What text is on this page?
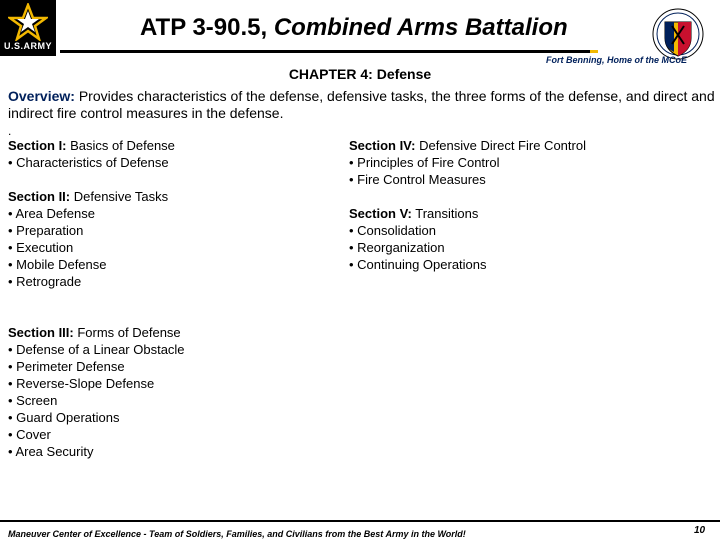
U.S.ARMY
ATP 3-90.5, Combined Arms Battalion
Fort Benning, Home of the MCoE
CHAPTER 4: Defense
Overview: Provides characteristics of the defense, defensive tasks, the three forms of the defense, and direct and indirect fire control measures in the defense.
.
Section I: Basics of Defense
• Characteristics of Defense
Section II: Defensive Tasks
• Area Defense
• Preparation
• Execution
• Mobile Defense
• Retrograde
Section III: Forms of Defense
• Defense of a Linear Obstacle
• Perimeter Defense
• Reverse-Slope Defense
• Screen
• Guard Operations
• Cover
• Area Security
Section IV: Defensive Direct Fire Control
• Principles of Fire Control
• Fire Control Measures
Section V: Transitions
• Consolidation
• Reorganization
• Continuing Operations
Maneuver Center of Excellence - Team of Soldiers, Families, and Civilians from the Best Army in the World!	10
